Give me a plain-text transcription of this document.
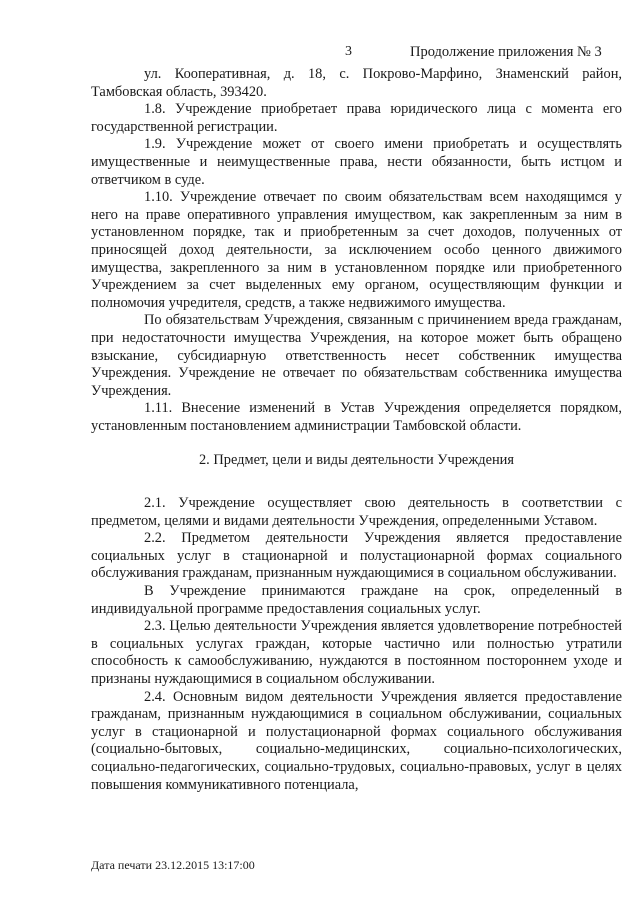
3	Продолжение приложения № 3

ул. Кооперативная, д. 18, с. Покрово-Марфино, Знаменский район, Тамбовская область, 393420.

1.8. Учреждение приобретает права юридического лица с момента его государственной регистрации.

1.9. Учреждение может от своего имени приобретать и осуществлять имущественные и неимущественные права, нести обязанности, быть истцом и ответчиком в суде.

1.10. Учреждение отвечает по своим обязательствам всем находящимся у него на праве оперативного управления имуществом, как закрепленным за ним в установленном порядке, так и приобретенным за счет доходов, полученных от приносящей доход деятельности, за исключением особо ценного движимого имущества, закрепленного за ним в установленном порядке или приобретенного Учреждением за счет выделенных ему органом, осуществляющим функции и полномочия учредителя, средств, а также недвижимого имущества.

По обязательствам Учреждения, связанным с причинением вреда гражданам, при недостаточности имущества Учреждения, на которое может быть обращено взыскание, субсидиарную ответственность несет собственник имущества Учреждения. Учреждение не отвечает по обязательствам собственника имущества Учреждения.

1.11. Внесение изменений в Устав Учреждения определяется порядком, установленным постановлением администрации Тамбовской области.

2. Предмет, цели и виды деятельности Учреждения

2.1. Учреждение осуществляет свою деятельность в соответствии с предметом, целями и видами деятельности Учреждения, определенными Уставом.

2.2. Предметом деятельности Учреждения является предоставление социальных услуг в стационарной и полустационарной формах социального обслуживания гражданам, признанным нуждающимися в социальном обслуживании.

В Учреждение принимаются граждане на срок, определенный в индивидуальной программе предоставления социальных услуг.

2.3. Целью деятельности Учреждения является удовлетворение потребностей в социальных услугах граждан, которые частично или полностью утратили способность к самообслуживанию, нуждаются в постоянном постороннем уходе и признаны нуждающимися в социальном обслуживании.

2.4. Основным видом деятельности Учреждения является предоставление гражданам, признанным нуждающимися в социальном обслуживании, социальных услуг в стационарной и полустационарной формах социального обслуживания (социально-бытовых, социально-медицинских, социально-психологических, социально-педагогических, социально-трудовых, социально-правовых, услуг в целях повышения коммуникативного потенциала,

Дата печати 23.12.2015 13:17:00
